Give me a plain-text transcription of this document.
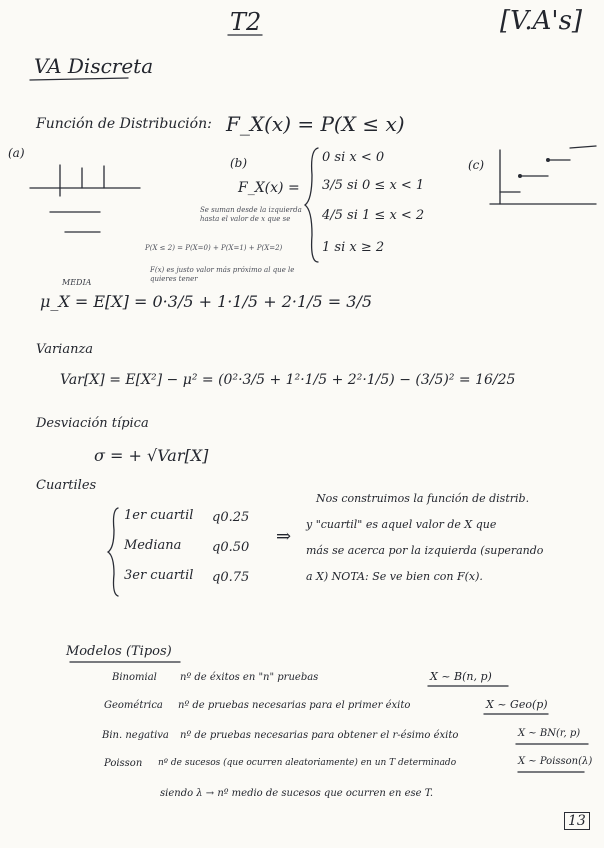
T2	[V.A's]
VA Discreta
Función de Distribución: F_X(x) = P(X ≤ x)
(a)
(b)	(c)
F_X(x) =
0 si x < 0
3/5 si 0 ≤ x < 1
4/5 si 1 ≤ x < 2
1 si x ≥ 2
Se suman desde la izquierda hasta el valor de x que se
P(X ≤ 2) = P(X=0) + P(X=1) + P(X=2)
F(x) es justo valor más próximo al que le quieres tener
MEDIA
μ_X = E[X] = 0·3/5 + 1·1/5 + 2·1/5 = 3/5
Varianza
Var[X] = E[X²] − μ² = (0²·3/5 + 1²·1/5 + 2²·1/5) − (3/5)² = 16/25
Desviación típica
σ = + √Var[X]
Cuartiles
1er cuartil q0.25
Mediana q0.50
3er cuartil q0.75
⇒
Nos construimos la función de distrib.
y "cuartil" es aquel valor de X que
más se acerca por la izquierda (superando
a X) NOTA: Se ve bien con F(x).
Modelos (Tipos)
Binomial nº de éxitos en "n" pruebas	X ~ B(n, p)
Geométrica nº de pruebas necesarias para el primer éxito	X ~ Geo(p)
Bin. negativa nº de pruebas necesarias para obtener el r-ésimo éxito	X ~ BN(r, p)
Poisson nº de sucesos (que ocurren aleatoriamente) en un T determinado	X ~ Poisson(λ)
siendo λ → nº medio de sucesos que ocurren en ese T.
13
